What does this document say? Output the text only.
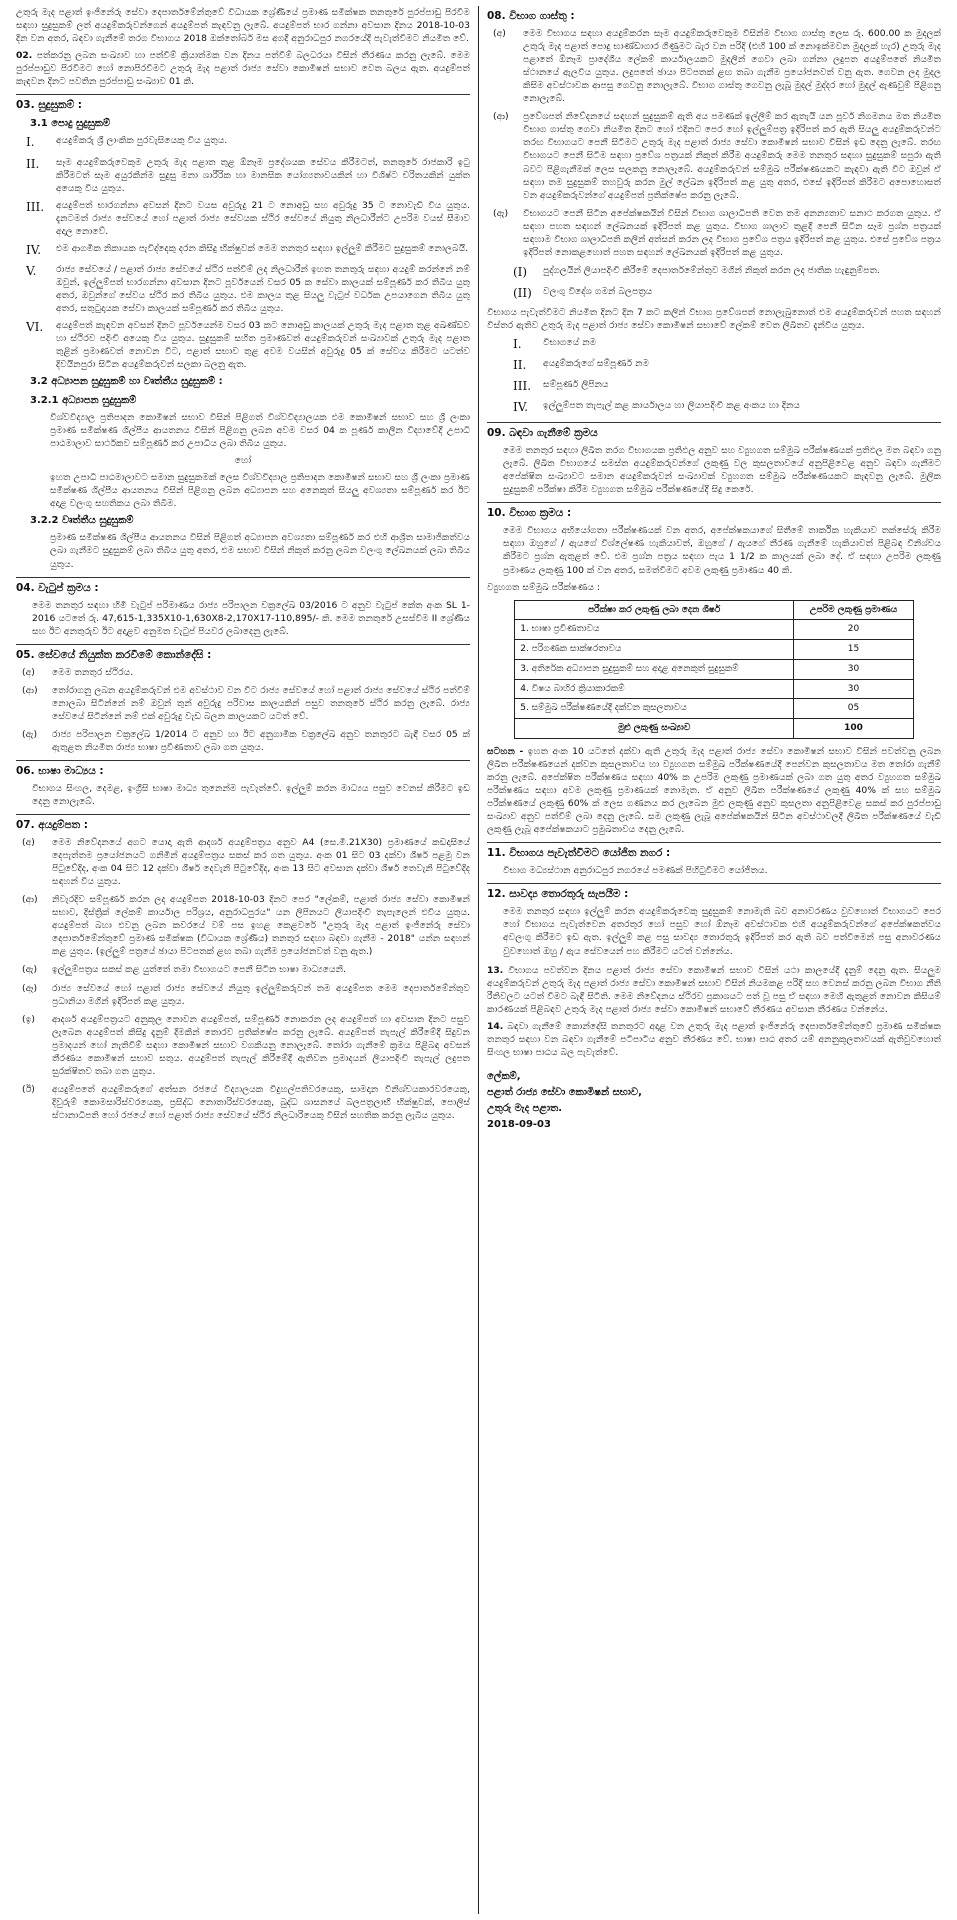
උතුරු මැද පළාත් ඉංජිනේරු සේවා දෙපාර්තමේන්තුවේ විධායක ශ්‍රේණියේ ප්‍රමාණ සමීක්ෂක තනතුරේ පුරප්පාඩු පිරවීම සඳහා සුදුසුකම් ලත් අයදුම්කරුවන්ගෙන් අයදුම්පත් කැඳවනු ලැබේ. අයදුම්පත් භාර ගන්නා අවසාන දිනය 2018-10-03 දින වන අතර, බඳවා ගැනීමේ තරග විභාගය 2018 ඔක්තෝබර් මස අගදී අනුරාධපුර නගරයේදී පැවැත්වීමට නියමිත වේ.

02. පත්කරනු ලබන සංඛ්‍යාව හා පත්වීම් ක්‍රියාත්මක වන දිනය පත්වීම් බලධරයා විසින් තීරණය කරනු ලැබේ. මෙම පුරප්පාඩුව පිරවීමට හෝ නොපිරවීමට උතුරු මැද පළාත් රාජ්‍ය සේවා කොමිෂන් සභාව වෙත බලය ඇත. අයදුම්පත් කැඳවන දිනට පවතින පුරප්පාඩු සංඛ්‍යාව 01 කි.

03. සුදුසුකම් :
3.1 පොදු සුදුසුකම්
I.	අයදුම්කරු ශ්‍රී ලාංකික පුරවැසියෙකු විය යුතුය.
II.	සෑම අයදුම්කරුවෙකුම උතුරු මැද පළාත තුළ ඕනෑම ප්‍රදේශයක සේවය කිරීමටත්, තනතුරේ රාජකාරි ඉටු කිරීමටත් සෑම අයුරකින්ම සුදුසු මනා ශාරීරික හා මානසික යෝග්‍යතාවයකින් හා විශිෂ්ට චරිතයකින් යුක්ත අයෙකු විය යුතුය.
III.	අයදුම්පත් භාරගන්නා අවසන් දිනට වයස අවුරුදු 21 ට නොඅඩු සහ අවුරුදු 35 ට නොවැඩි විය යුතුය. දැනටමත් රාජ්‍ය සේවයේ හෝ පළාත් රාජ්‍ය සේවයක ස්ථිර සේවයේ නියුතු නිලධාරීන්ට උපරිම වයස් සීමාව අදාල නොවේ.
IV.	එම ආගමික නිකායක පැවිද්දෙකු දරන කිසිදු භික්ෂුවක් මෙම තනතුර සඳහා ඉල්ලුම් කිරීමට සුදුසුකම් නොලබයි.
V.	රාජ්‍ය සේවයේ / පළාත් රාජ්‍ය සේවයේ ස්ථිර පත්වීම් ලද නිලධාරීන් ඉහත තනතුරු සඳහා අයදුම් කරන්නේ නම් ඔවුන්, ඉල්ලුම්පත් භාරගන්නා අවසාන දිනට පූර්වයෙන් වසර 05 ක සේවා කාලයක් සම්පූර්ණ කර තිබිය යුතු අතර, ඔවුන්ගේ සේවය ස්ථිර කර තිබිය යුතුය. එම කාලය තුළ සියලු වැටුප් වර්ධක උපයාගෙන තිබිය යුතු අතර, සතුටුදායක සේවා කාලයක් සම්පූර්ණ කර තිබිය යුතුය.
VI.	අයදුම්පත් කැඳවන අවසන් දිනට පූර්වයෙන්ම වසර 03 කට නොඅඩු කාලයක් උතුරු මැද පළාත තුළ අඛණ්ඩව හා ස්ථිරව පදිංචි අයෙකු විය යුතුය. සුදුසුකම් සහිත ප්‍රමාණවත් අයදුම්කරුවන් සංඛ්‍යාවක් උතුරු මැද පළාත තුළින් ප්‍රමාණවත් නොවන විට, පළාත් සභාව තුළ අවම වයසින් අවුරුදු 05 ක් සේවය කිරීමට යටත්ව දිවයිනපුරා සිටින අයදුම්කරුවන් සලකා බලනු ඇත.
3.2 අධ්‍යාපන සුදුසුකම් හා වෘත්තීය සුදුසුකම් :
3.2.1 අධ්‍යාපන සුදුසුකම්

විශ්වවිද්‍යාල ප්‍රතිපාදන කොමිෂන් සභාව විසින් පිළිගත් විශ්වවිද්‍යාලයක එම කොමිෂන් සභාව සහ ශ්‍රී ලංකා ප්‍රමාණ සමීක්ෂණ ශිල්පීය ආයතනය විසින් පිළිගනු ලබන අවම වසර 04 ක පූර්ණ කාලීන විද්‍යාවේදී උපාධි පාඨමාලාව සාර්ථකව සම්පූර්ණ කර උපාධිය ලබා තිබිය යුතුය.

හෝ

ඉහත උපාධි පාඨමාලාවට සමාන සුදුසුකමක් ලෙස විශ්වවිද්‍යාල ප්‍රතිපාදන කොමිෂන් සභාව සහ ශ්‍රී ලංකා ප්‍රමාණ සමීක්ෂණ ශිල්පීය ආයතනය විසින් පිළිගනු ලබන අධ්‍යාපන සහ අනෙකුත් සියලු අවශ්‍යතා සම්පූර්ණ කර ඊට අදාළ වලංගු සහතිකය ලබා තිබීම.

3.2.2 වෘත්තීය සුදුසුකම්

ප්‍රමාණ සමීක්ෂණ ශිල්පීය ආයතනය විසින් පිළිගත් අධ්‍යාපන අවශ්‍යතා සම්පූර්ණ කර එහි ආශ්‍රිත සාමාජිකත්වය ලබා ගැනීමට සුදුසුකම් ලබා තිබිය යුතු අතර, එම සභාව විසින් නිකුත් කරනු ලබන වලංගු ලේඛනයක් ලබා තිබිය යුතුය.

04. වැටුප් ක්‍රමය :

මෙම තනතුර සඳහා හිමි වැටුප් පරිමාණය රාජ්‍ය පරිපාලන චක්‍රලේඛ 03/2016 ට අනුව වැටුප් කේත අංක SL 1-2016 යටතේ රු. 47,615-1,335X10-1,630X8-2,170X17-110,895/- කි. මෙම තනතුරේ උසස්වීම II ශ්‍රේණිය සහ ඊට අනතුරුව ඊට අදාළව අනුමත වැටුප් පියවර ලබාදෙනු ලැබේ.

05. සේවයේ නියුක්ත කරවීමේ කොන්දේසි :
(අ)	මෙම තනතුර ස්ථිරය.
(ආ)	තෝරාගනු ලබන අයදුම්කරුවන් එම අවස්ථාව වන විට රාජ්‍ය සේවයේ හෝ පළාත් රාජ්‍ය සේවයේ ස්ථිර පත්වීම් නොලබා සිටින්නේ නම් ඔවුන් තුන් අවුරුදු පරිවාස කාලයකින් පසුව තනතුරේ ස්ථිර කරනු ලැබේ. රාජ්‍ය සේවයේ සිටින්නේ නම් එක් අවුරුදු වැඩ බලන කාලයකට යටත් වේ.
(ඇ)	රාජ්‍ය පරිපාලන චක්‍රලේඛ 1/2014 ට අනුව හා ඊට අනුගාමික චක්‍රලේඛ අනුව තනතුරට බැඳී වසර 05 ක් ඇතුළත නියමිත රාජ්‍ය භාෂා ප්‍රවීණතාව ලබා ගත යුතුය.
06. භාෂා මාධ්‍යය :

විභාගය සිංහල, දෙමළ, ඉංග්‍රීසි භාෂා මාධ්‍ය තුනෙන්ම පැවැත්වේ. ඉල්ලුම් කරන මාධ්‍යය පසුව වෙනස් කිරීමට ඉඩ දෙනු නොලැබේ.

07. අයදුම්පත :
(අ)	මෙම නිවේදනයේ අගට යොදා ඇති ආදර්ශ අයදුම්පත්‍රය අනුව A4 (සෙ.මී.21X30) ප්‍රමාණයේ කඩදාසියේ දෙපැත්තම ප්‍රයෝජනයට ගනිමින් අයදුම්පත්‍රය සකස් කර ගත යුතුය. අංක 01 සිට 03 දක්වා ශීර්ෂ පළමු වන පිටුවේදිද, අංක 04 සිට 12 දක්වා ශීර්ෂ දෙවැනි පිටුවේදිද, අංක 13 සිට අවසාන දක්වා ශීර්ෂ තෙවැනි පිටුවේදිද සඳහන් විය යුතුය.
(ආ)	නිවැරදිව සම්පූර්ණ කරන ලද අයදුම්පත 2018-10-03 දිනට පෙර "ලේකම්, පළාත් රාජ්‍ය සේවා කොමිෂන් සභාව, දිස්ත්‍රික් ලේකම් කාර්යාල පරිශ්‍රය, අනුරාධපුරය" යන ලිපිනයට ලියාපදිංචි තැපැලෙන් එවිය යුතුය. අයදුම්පත් බහා එවනු ලබන කවරයේ වම් පස ඉහළ කෙළවරේ "උතුරු මැද පළාත් ඉංජිනේරු සේවා දෙපාර්තමේන්තුවේ ප්‍රමාණ සමීක්ෂක (විධායක ශ්‍රේණිය) තනතුර සඳහා බඳවා ගැනීම - 2018" යන්න සඳහන් කළ යුතුය. (ඉල්ලුම් පත්‍රයේ ඡායා පිටපතක් ළඟ තබා ගැනීම ප්‍රයෝජනවත් වනු ඇත.)
(ඇ)	ඉල්ලුම්පත්‍රය සකස් කළ යුත්තේ තමා විභාගයට පෙනී සිටින භාෂා මාධ්‍යයෙනි.
(ඈ)	රාජ්‍ය සේවයේ හෝ පළාත් රාජ්‍ය සේවයේ නියුතු ඉල්ලුම්කරුවන් තම අයදුම්පත මෙම දෙපාර්තමේන්තුව ප්‍රධානියා මගින් ඉදිරිපත් කළ යුතුය.
(ඉ)	ආදර්ශ අයදුම්පත්‍රයට අනුකූල නොවන අයදුම්පත්, සම්පූර්ණ නොකරන ලද අයදුම්පත් හා අවසාන දිනට පසුව ලැබෙන අයදුම්පත් කිසිදු දැනුම් දීමකින් තොරව ප්‍රතික්ෂේප කරනු ලැබේ. අයදුම්පත් තැපැල් කිරීමේදී සිදුවන ප්‍රමාදයන් හෝ නැතිවීම් සඳහා කොමිෂන් සභාව වගකියනු නොලැබේ. තෝරා ගැනීමේ ක්‍රමය පිළිබඳ අවසන් තීරණය කොමිෂන් සභාව සතුය. අයදුම්පත් තැපැල් කිරීමේදී ඇතිවන ප්‍රමාදයන් ලියාපදිංචි තැපැල් ලදුපත සුරක්ෂිතව තබා ගත යුතුය.
(ඊ)	අයදුම්පතේ අයදුම්කරුගේ අත්සන රජයේ විද්‍යාලයක විදුහල්පතිවරයෙකු, සාමදාන විනිශ්චයකාරවරයෙකු, දිවුරුම් කොමසාරිස්වරයෙකු, ප්‍රසිද්ධ නොතාරිස්වරයෙකු, බුද්ධ ශාසනයේ බලපත්‍රලාභී භික්ෂුවක්, පොලිස් ස්ථානාධිපති හෝ රජයේ හෝ පළාත් රාජ්‍ය සේවයේ ස්ථිර නිලධාරියෙකු විසින් සහතික කරනු ලැබිය යුතුය.
08. විභාග ගාස්තු :
(අ)	මෙම විභාගය සඳහා අයදුම්කරන සෑම අයදුම්කරුවෙකුම විසින්ම විභාග ගාස්තු ලෙස රු. 600.00 ක මුදලක් උතුරු මැද පළාත් පොදු භාණ්ඩාගාර ගිණුමට බැර වන පරිදි (එහි 100 ක් නොඉක්මවන මුදලක් හැර) උතුරු මැද පළාතේ ඕනෑම ප්‍රාදේශීය ලේකම් කාර්යාලයකට මුදලින් ගෙවා ලබා ගන්නා ලදුපත අයදුම්පතේ නියමිත ස්ථානයේ ඇලවිය යුතුය. ලදුපතේ ඡායා පිටපතක් ළඟ තබා ගැනීම ප්‍රයෝජනවත් වනු ඇත. ගෙවන ලද මුදල කිසිම අවස්ථාවක ආපසු ගෙවනු නොලැබේ. විභාග ගාස්තු ගෙවනු ලැබූ මුදල් මුද්දර හෝ මුදල් ඇණවුම් පිළිගනු නොලැබේ.
(ආ)	ප්‍රවේශපත් නිවේදනයේ සඳහන් සුදුසුකම් ඇති අය පමණක් ඉල්ලීම් කර ඇතැයි යන පූර්ව නිගමනය මත නියමිත විභාග ගාස්තු ගෙවා නියමිත දිනට හෝ එදිනට පෙර හෝ ඉල්ලුම්පත්‍ර ඉදිරිපත් කර ඇති සියලු අයදුම්කරුවන්ට තරඟ විභාගයට පෙනී සිටීමට උතුරු මැද පළාත් රාජ්‍ය සේවා කොමිෂන් සභාව විසින් ඉඩ දෙනු ලැබේ. තරඟ විභාගයට පෙනී සිටීම සඳහා ප්‍රවේශ පත්‍රයක් නිකුත් කිරීම අයදුම්කරු මෙම තනතුර සඳහා සුදුසුකම් සපුරා ඇති බවට පිළිගැනීමක් ලෙස සලකනු නොලැබේ. අයදුම්කරුවන් සම්මුඛ පරීක්ෂණයකට කැඳවා ඇති විට ඔවුන් ඒ සඳහා තම සුදුසුකම් තහවුරු කරන මුල් ලේඛන ඉදිරිපත් කළ යුතු අතර, එසේ ඉදිරිපත් කිරීමට අපොහොසත් වන අයදුම්කරුවන්ගේ අයදුම්පත් ප්‍රතික්ෂේප කරනු ලැබේ.
(ඇ)	විභාගයට පෙනී සිටින අපේක්ෂකයින් විසින් විභාග ශාලාධිපති වෙත තම අනන්‍යතාව සනාථ කරගත යුතුය. ඒ සඳහා පහත සඳහන් ලේඛනයක් ඉදිරිපත් කළ යුතුය. විභාග ශාලාව තුළදී පෙනී සිටින සෑම ප්‍රශ්න පත්‍රයක් සඳහාම විභාග ශාලාධිපති කලින් අත්සන් කරන ලද විභාග ප්‍රවේශ පත්‍රය ඉදිරිපත් කළ යුතුය. එසේ ප්‍රවේශ පත්‍රය ඉදිරිපත් නොකළහොත් පහත සඳහන් ලේඛනයක් ඉදිරිපත් කළ යුතුය.
(I)	පුද්ගලයින් ලියාපදිංචි කිරීමේ දෙපාර්තමේන්තුව මගින් නිකුත් කරන ලද ජාතික හැඳුනුම්පත.
(II)	වලංගු විදේශ ගමන් බලපත්‍රය

විභාගය පැවැත්වීමට නියමිත දිනට දින 7 කට කලින් විභාග ප්‍රවේශපත් නොලැබුනොත් එම අයදුම්කරුවන් පහත සඳහන් විස්තර ඇතිව උතුරු මැද පළාත් රාජ්‍ය සේවා කොමිෂන් සභාවේ ලේකම් වෙත ලිඛිතව දැන්විය යුතුය.

I.	විභාගයේ නම
II.	අයදුම්කරුගේ සම්පූර්ණ නම
III.	සම්පූර්ණ ලිපිනය
IV.	ඉල්ලුම්පත තැපැල් කළ කාර්යාලය හා ලියාපදිංචි කළ අංකය හා දිනය
09. බඳවා ගැනීමේ ක්‍රමය

මෙම තනතුර සඳහා ලිඛිත තරග විභාගයක ප්‍රතිඵල අනුව සහ ව්‍යුහගත සම්මුඛ පරීක්ෂණයක් ප්‍රතිඵල මත බඳවා ගනු ලැබේ. ලිඛිත විභාගයේ සමස්ත අයදුම්කරුවන්ගේ ලකුණු වල කුසලතාවයේ අනුපිළිවෙළ අනුව බඳවා ගැනීමට අපේක්ෂිත සංඛ්‍යාවට සමාන අයදුම්කරුවන් සංඛ්‍යාවක් ව්‍යුහගත සම්මුඛ පරීක්ෂණයකට කැඳවනු ලැබේ. මුලික සුදුසුකම් පරීක්ෂා කිරීම ව්‍යුහගත සම්මුඛ පරීක්ෂණයේදී සිදු කෙරේ.

10. විභාග ක්‍රමය :

මෙම විභාගය අභියෝගතා පරීක්ෂණයක් වන අතර, අපේක්ෂකයාගේ සිතීමේ තාර්කික හැකියාව තක්සේරු කිරීම සඳහා ඔහුගේ / ඇයගේ විශ්ලේෂණ හැකියාවත්, ඔහුගේ / ඇයගේ තීරණ ගැනීමේ හැකියාවත් පිළිබඳ විනිශ්චය කිරීමට ප්‍රශ්න ඇතුළත් වේ. එම ප්‍රශ්න පත්‍රය සඳහා පැය 1 1/2 ක කාලයක් ලබා දේ. ඒ සඳහා උපරිම ලකුණු ප්‍රමාණය ලකුණු 100 ක් වන අතර, සමත්වීමට අවම ලකුණු ප්‍රමාණය 40 කි.

ව්‍යුහගත සම්මුඛ පරීක්ෂණය :

පරීක්ෂා කර ලකුණු ලබා දෙන ශීර්ෂ	උපරිම ලකුණු ප්‍රමාණය
1. භාෂා ප්‍රවීණතාවය	20
2. පරිගණක සාක්ෂරතාවය	15
3. අතිරේක අධ්‍යාපන සුදුසුකම් සහ අදාළ අනෙකුත් සුදුසුකම්	30
4. විෂය බාහිර ක්‍රියාකාරකම්	30
5. සම්මුඛ පරීක්ෂණයේදී දක්වන කුසලතාවය	05
මුළු ලකුණු සංඛ්‍යාව	100

සටහන - ඉහත අංක 10 යටතේ දක්වා ඇති උතුරු මැද පළාත් රාජ්‍ය සේවා කොමිෂන් සභාව විසින් පවත්වනු ලබන ලිඛිත පරීක්ෂණයෙන් දක්වන කුසලතාවය හා ව්‍යුහගත සම්මුඛ පරීක්ෂණයේදී පෙන්වන කුසලතාවය මත තෝරා ගැනීම් කරනු ලැබේ. අපේක්ෂිත පරීක්ෂණය සඳහා 40% ක උපරිම ලකුණු ප්‍රමාණයක් ලබා ගත යුතු අතර ව්‍යුහගත සම්මුඛ පරීක්ෂණය සඳහා අවම ලකුණු ප්‍රමාණයක් නොමැත. ඒ අනුව ලිඛිත පරීක්ෂණයේ ලකුණු 40% ක් සහ සම්මුඛ පරීක්ෂණයේ ලකුණු 60% ක් ලෙස ගණනය කර ලැබෙන මුළු ලකුණු අනුව කුසලතා අනුපිළිවෙළ සකස් කර පුරප්පාඩු සංඛ්‍යාව අනුව පත්වීම් ලබා දෙනු ලැබේ. සම ලකුණු ලැබූ අපේක්ෂකයින් සිටින අවස්ථාවලදී ලිඛිත පරීක්ෂණයේ වැඩි ලකුණු ලැබූ අපේක්ෂකයාට ප්‍රමුඛතාවය දෙනු ලැබේ.

11. විභාගය පැවැත්වීමට යෝජිත නගර :

විභාග මධ්‍යස්ථාන අනුරාධපුර නගරයේ පමණක් පිහිටුවීමට යෝජිතය.

12. සාවද්‍ය තොරතුරු සැපයීම :

මෙම තනතුර සඳහා ඉල්ලුම් කරන අයදුම්කරුවෙකු සුදුසුකම් නොමැති බව අනාවරණය වුවහොත් විභාගයට පෙර හෝ විභාගය පැවැත්වෙන අතරතුර හෝ පසුව හෝ ඕනෑම අවස්ථාවක එහි අයදුම්කරුවන්ගේ අපේක්ෂකත්වය අවලංගු කිරීමට ඉඩ ඇත. ඉල්ලුම් කළ පසු සාවද්‍ය තොරතුරු ඉදිරිපත් කර ඇති බව පත්වීමෙන් පසු අනාවරණය වුවහොත් ඔහු / ඇය සේවයෙන් පහ කිරීමට යටත් වන්නේය.

13. විභාගය පවත්වන දිනය පළාත් රාජ්‍ය සේවා කොමිෂන් සභාව විසින් යථා කාලයේදී දැනුම් දෙනු ඇත. සියලුම අයදුම්කරුවන් උතුරු මැද පළාත් රාජ්‍ය සේවා කොමිෂන් සභාව විසින් නියමකළ පරිදි සහ වෙනස් කරනු ලබන විභාග නීති රීතිවලට යටත් වීමට බැඳී සිටිති. මෙම නිවේදනය ස්ථිරව ප්‍රකාශයට පත් වූ පසු ඒ සඳහා මෙහි ඇතුළත් නොවන කිසියම් කාරණයක් පිළිබඳව උතුරු මැද පළාත් රාජ්‍ය සේවා කොමිෂන් සභාවේ තීරණය අවසාන තීරණය වන්නේය.

14. බඳවා ගැනීමේ කොන්දේසි තනතුරට අදාළ වන උතුරු මැද පළාත් ඉංජිනේරු දෙපාර්තමේන්තුවේ ප්‍රමාණ සමීක්ෂක තනතුර සඳහා වන බඳවා ගැනීමේ පටිපාටිය අනුව තීරණය වේ. භාෂා පාඨ අතර යම් අනනුකූලතාවයක් ඇතිවුවහොත් සිංහල භාෂා පාඨය බල පැවැත්වේ.

ලේකම්,
පළාත් රාජ්‍ය සේවා කොමිෂන් සභාව,
උතුරු මැද පළාත.
2018-09-03
